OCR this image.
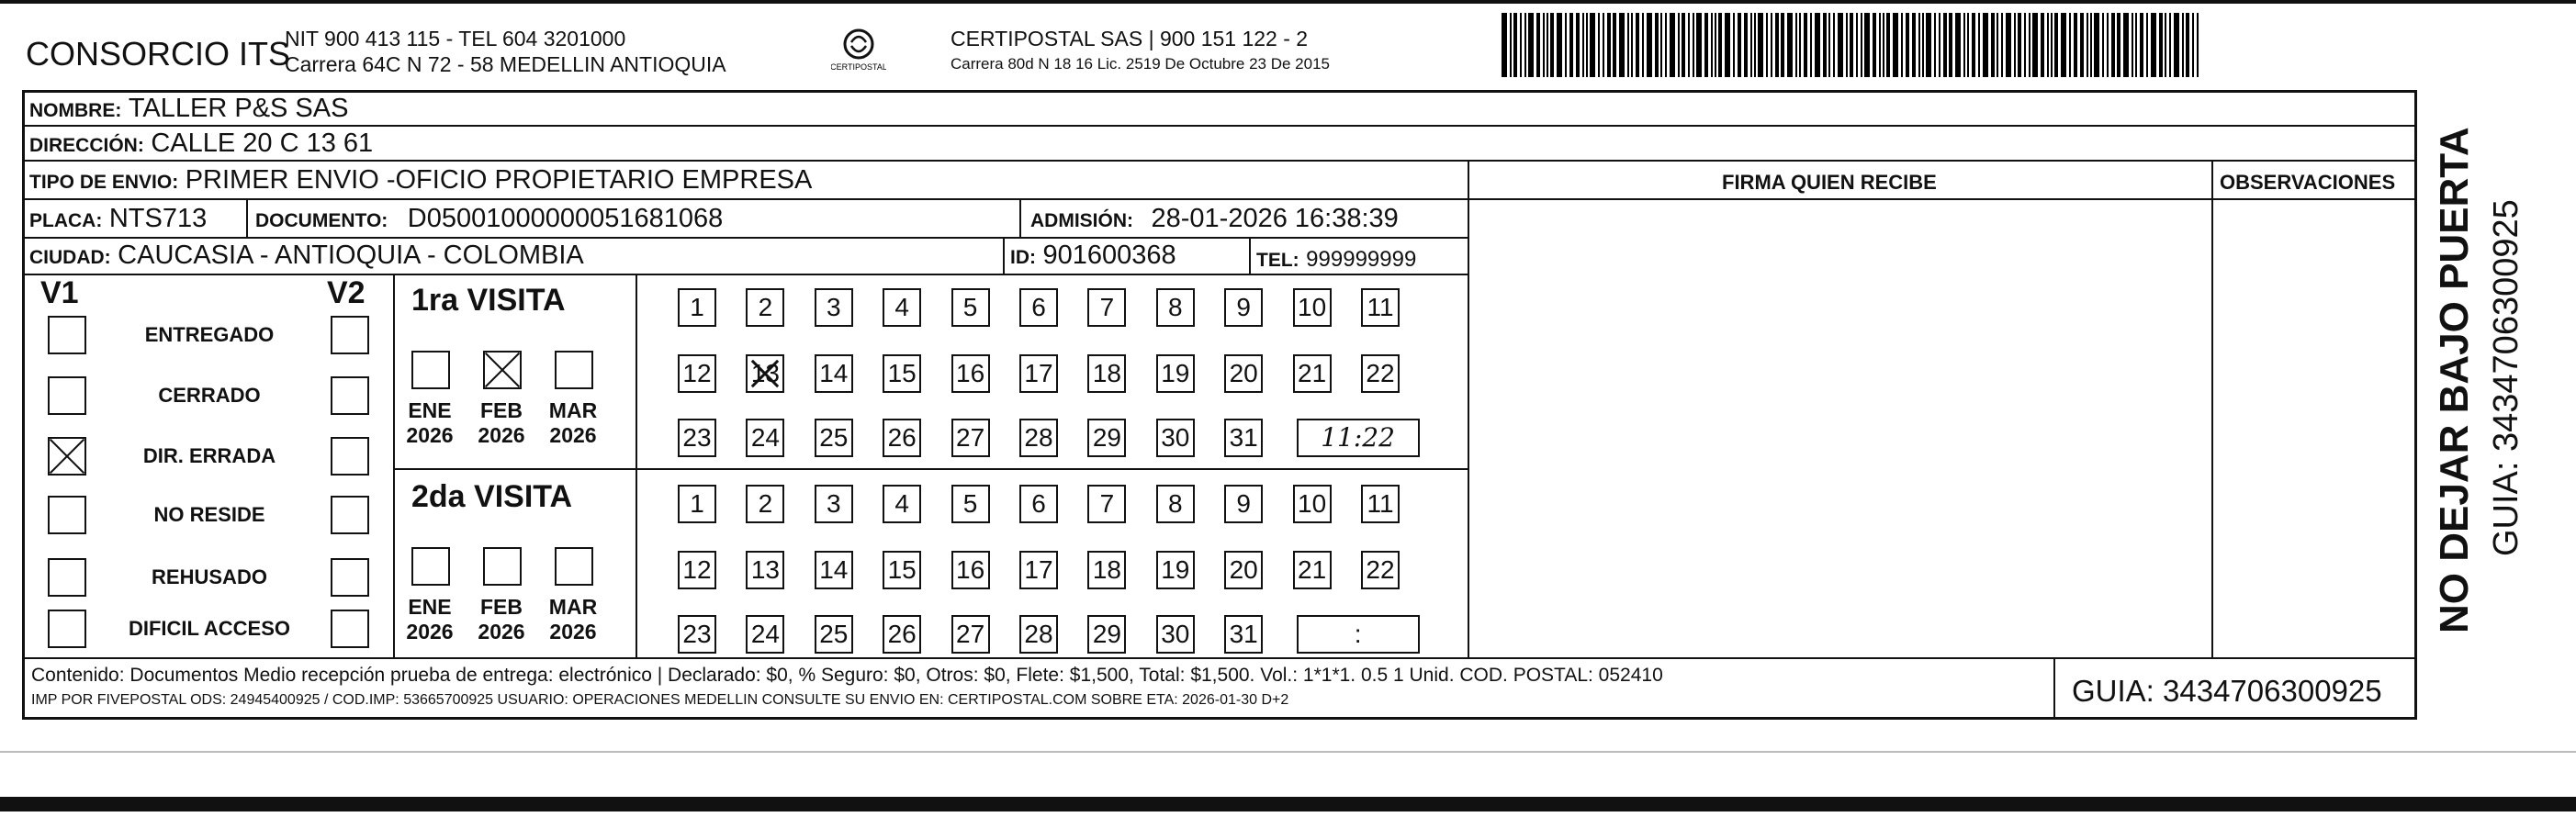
CONSORCIO ITS
NIT 900 413 115 - TEL 604 3201000
Carrera 64C N 72 - 58 MEDELLIN ANTIOQUIA	CERTIPOSTAL
CERTIPOSTAL SAS | 900 151 122 - 2
Carrera 80d N 18 16 Lic. 2519 De Octubre 23 De 2015
NOMBRE: TALLER P&S SAS
DIRECCIÓN: CALLE 20 C 13 61
TIPO DE ENVIO: PRIMER ENVIO -OFICIO PROPIETARIO EMPRESA	FIRMA QUIEN RECIBE	OBSERVACIONES
PLACA: NTS713	DOCUMENTO: D05001000000051681068	ADMISIÓN: 28-01-2026 16:38:39
CIUDAD: CAUCASIA - ANTIOQUIA - COLOMBIA	ID: 901600368	TEL: 999999999
V1	V2
ENTREGADO
CERRADO
DIR. ERRADA
NO RESIDE
REHUSADO
DIFICIL ACCESO
1ra VISITA
ENE
2026
FEB
2026
MAR
2026
1	2	3	4	5	6	7	8	9	10 11
12 13 14 15 16 17 18 19 20 21 22
23 24 25 26 27 28 29 30 31	11:22
2da VISITA
ENE
2026
FEB
2026
MAR
2026
1	2	3	4	5	6	7	8	9	10 11
12 13 14 15 16 17 18 19 20 21 22
23 24 25 26 27 28 29 30 31	:
Contenido: Documentos Medio recepción prueba de entrega: electrónico | Declarado: $0, % Seguro: $0, Otros: $0, Flete: $1,500, Total: $1,500. Vol.: 1*1*1. 0.5 1 Unid. COD. POSTAL: 052410
IMP POR FIVEPOSTAL ODS: 24945400925 / COD.IMP: 53665700925 USUARIO: OPERACIONES MEDELLIN CONSULTE SU ENVIO EN: CERTIPOSTAL.COM SOBRE ETA: 2026-01-30 D+2	GUIA: 3434706300925
NO DEJAR BAJO PUERTA GUIA: 3434706300925
